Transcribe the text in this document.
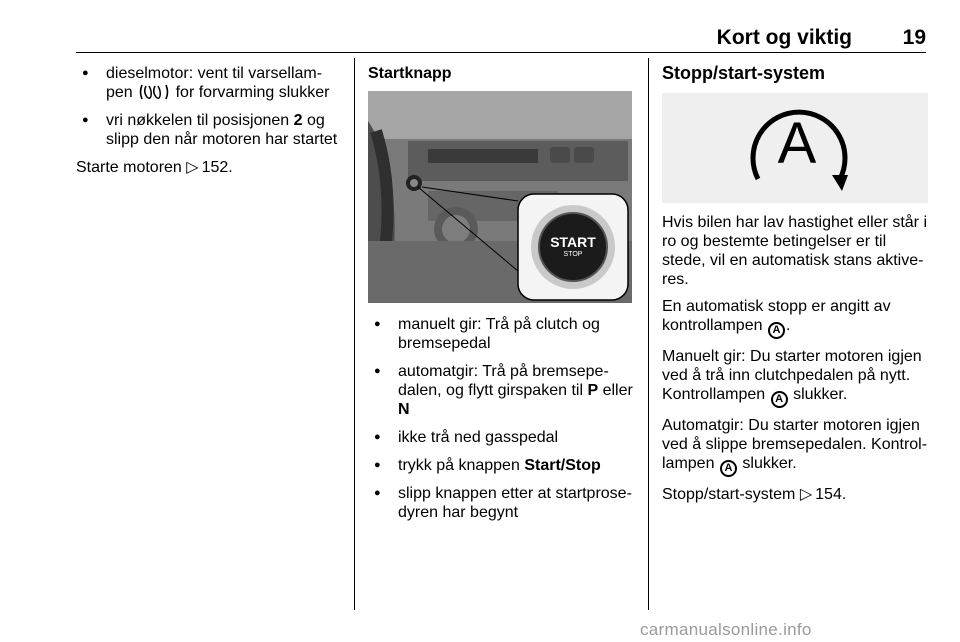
Kort og viktig 19
● dieselmotor: vent til varsellam-pen	for forvarming slukker
● vri nøkkelen til posisjonen 2 og slipp den når motoren har startet
Starte motoren ▷ 152.
Startknapp
START
STOP
● manuelt gir: Trå på clutch og bremsepedal
● automatgir: Trå på bremsepe-dalen, og flytt girspaken til P eller N
● ikke trå ned gasspedal
● trykk på knappen Start/Stop
● slipp knappen etter at startprose-dyren har begynt
Stopp/start-system
A
Hvis bilen har lav hastighet eller står i ro og bestemte betingelser er til stede, vil en automatisk stans aktive-res.
En automatisk stopp er angitt av kontrollampen A .
Manuelt gir: Du starter motoren igjen ved å trå inn clutchpedalen på nytt. Kontrollampen A slukker.
Automatgir: Du starter motoren igjen ved å slippe bremsepedalen. Kontrol-lampen A slukker.
Stopp/start-system ▷ 154.
carmanualsonline.info
